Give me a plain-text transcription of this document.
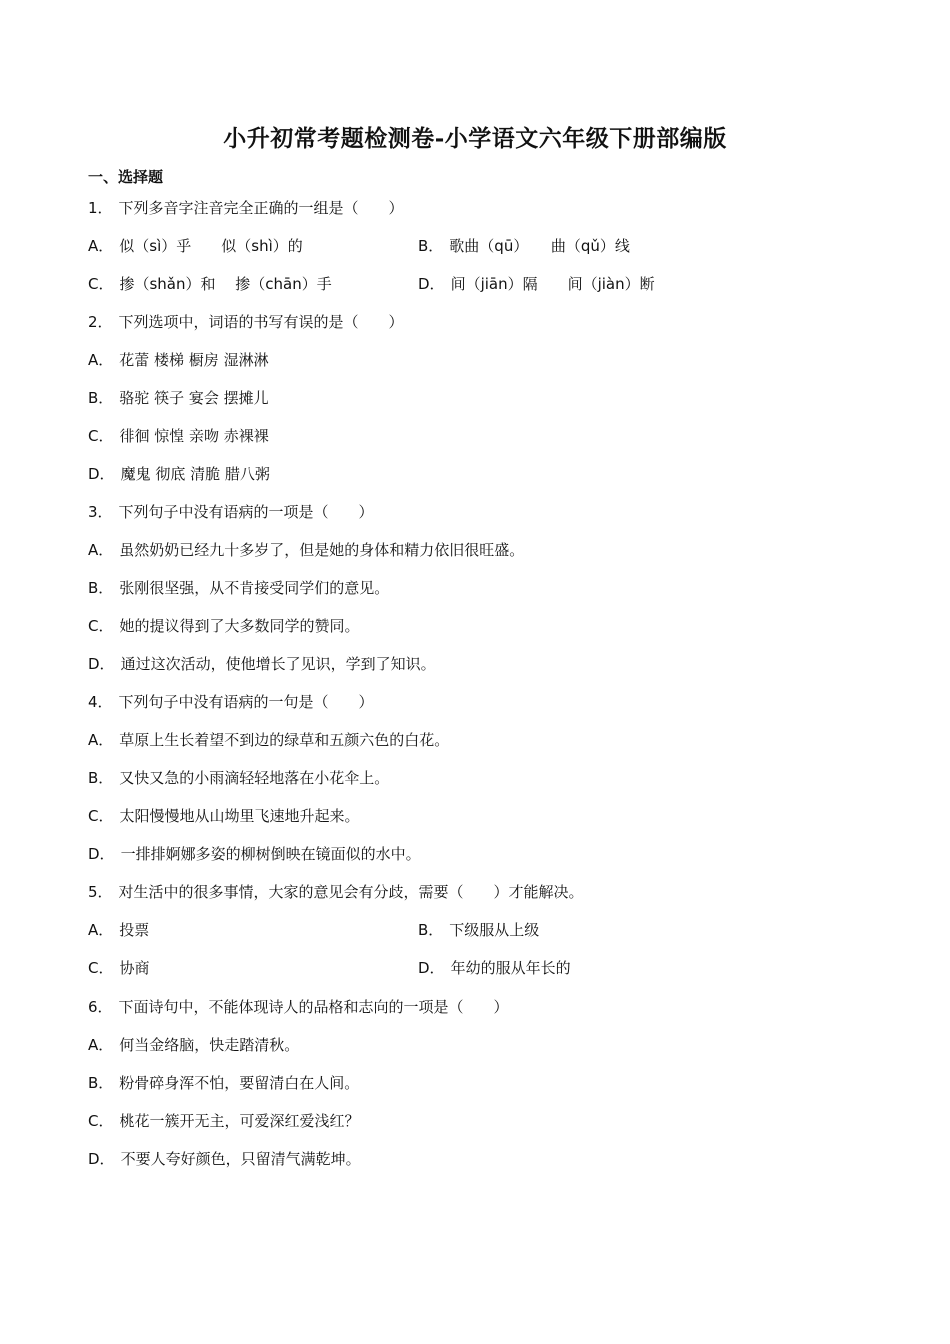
小升初常考题检测卷-小学语文六年级下册部编版
一、选择题
1． 下列多音字注音完全正确的一组是（　　）
A． 似（sì）乎　　似（shì）的	B． 歌曲（qū）　　曲（qǔ）线
C． 掺（shǎn）和　 掺（chān）手	D． 间（jiān）隔　　间（jiàn）断
2． 下列选项中，词语的书写有误的是（　　）
A． 花蕾 楼梯 橱房 湿淋淋
B． 骆驼 筷子 宴会 摆摊儿
C． 徘徊 惊惶 亲吻 赤裸裸
D． 魔鬼 彻底 清脆 腊八粥
3． 下列句子中没有语病的一项是（　　）
A． 虽然奶奶已经九十多岁了，但是她的身体和精力依旧很旺盛。
B． 张刚很坚强，从不肯接受同学们的意见。
C． 她的提议得到了大多数同学的赞同。
D． 通过这次活动，使他增长了见识，学到了知识。
4． 下列句子中没有语病的一句是（　　）
A． 草原上生长着望不到边的绿草和五颜六色的白花。
B． 又快又急的小雨滴轻轻地落在小花伞上。
C． 太阳慢慢地从山坳里飞速地升起来。
D． 一排排婀娜多姿的柳树倒映在镜面似的水中。
5． 对生活中的很多事情，大家的意见会有分歧，需要（　　）才能解决。
A． 投票	B． 下级服从上级
C． 协商	D． 年幼的服从年长的
6． 下面诗句中，不能体现诗人的品格和志向的一项是（　　）
A． 何当金络脑，快走踏清秋。
B． 粉骨碎身浑不怕，要留清白在人间。
C． 桃花一簇开无主，可爱深红爱浅红？
D． 不要人夸好颜色，只留清气满乾坤。
